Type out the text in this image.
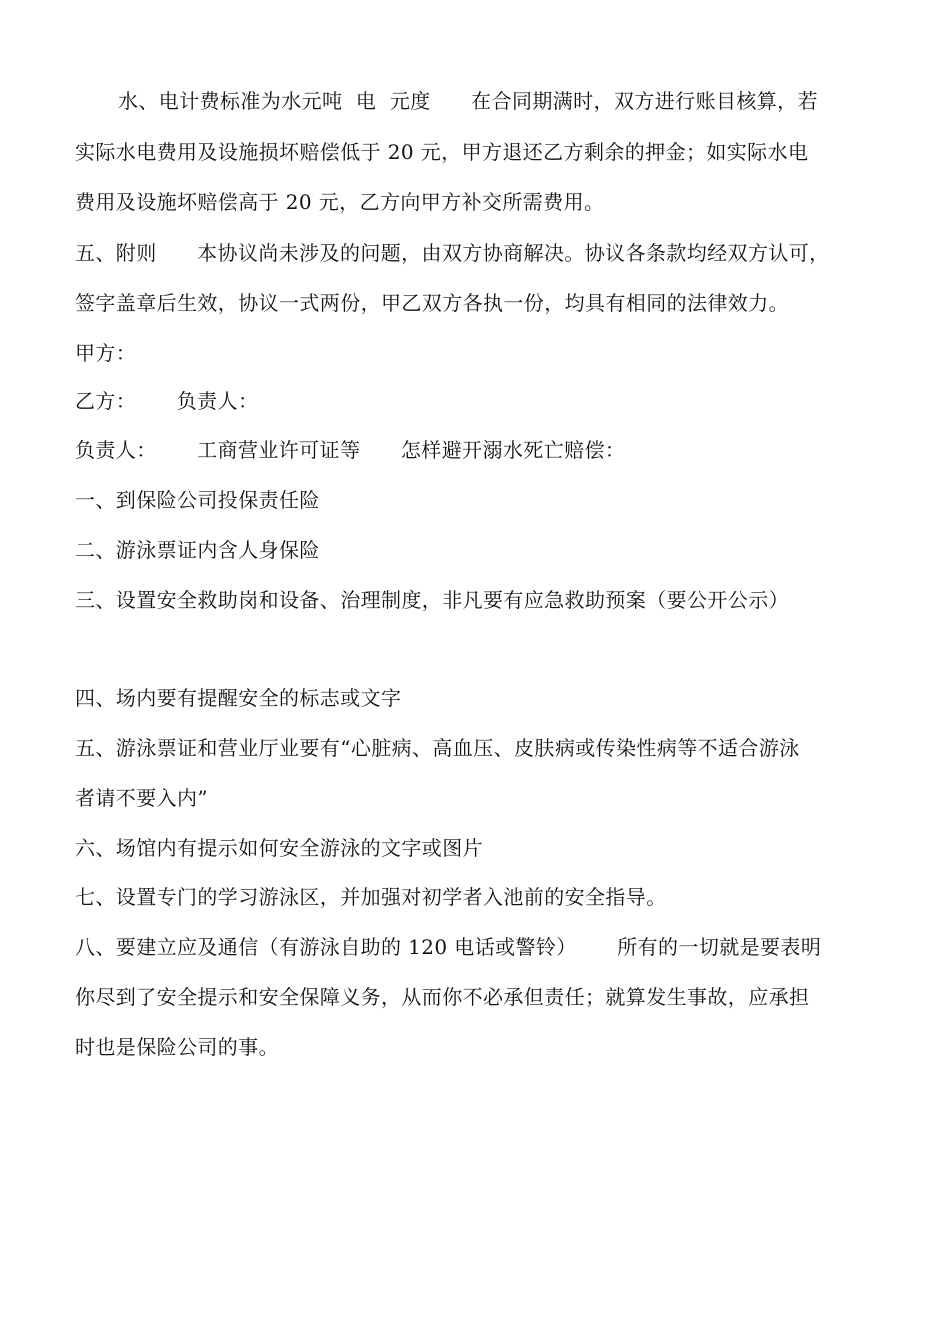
水、电计费标准为水元吨  电  元度      在合同期满时，双方进行账目核算，若
实际水电费用及设施损坏赔偿低于 20 元，甲方退还乙方剩余的押金；如实际水电
费用及设施坏赔偿高于 20 元，乙方向甲方补交所需费用。
五、附则      本协议尚未涉及的问题，由双方协商解决。协议各条款均经双方认可，
签字盖章后生效，协议一式两份，甲乙双方各执一份，均具有相同的法律效力。
甲方：
乙方：      负责人：
负责人：      工商营业许可证等      怎样避开溺水死亡赔偿：
一、到保险公司投保责任险
二、游泳票证内含人身保险
三、设置安全救助岗和设备、治理制度，非凡要有应急救助预案（要公开公示）
四、场内要有提醒安全的标志或文字
五、游泳票证和营业厅业要有“心脏病、高血压、皮肤病或传染性病等不适合游泳
者请不要入内”
六、场馆内有提示如何安全游泳的文字或图片
七、设置专门的学习游泳区，并加强对初学者入池前的安全指导。
八、要建立应及通信（有游泳自助的 120 电话或警铃）      所有的一切就是要表明
你尽到了安全提示和安全保障义务，从而你不必承但责任；就算发生事故，应承担
时也是保险公司的事。
